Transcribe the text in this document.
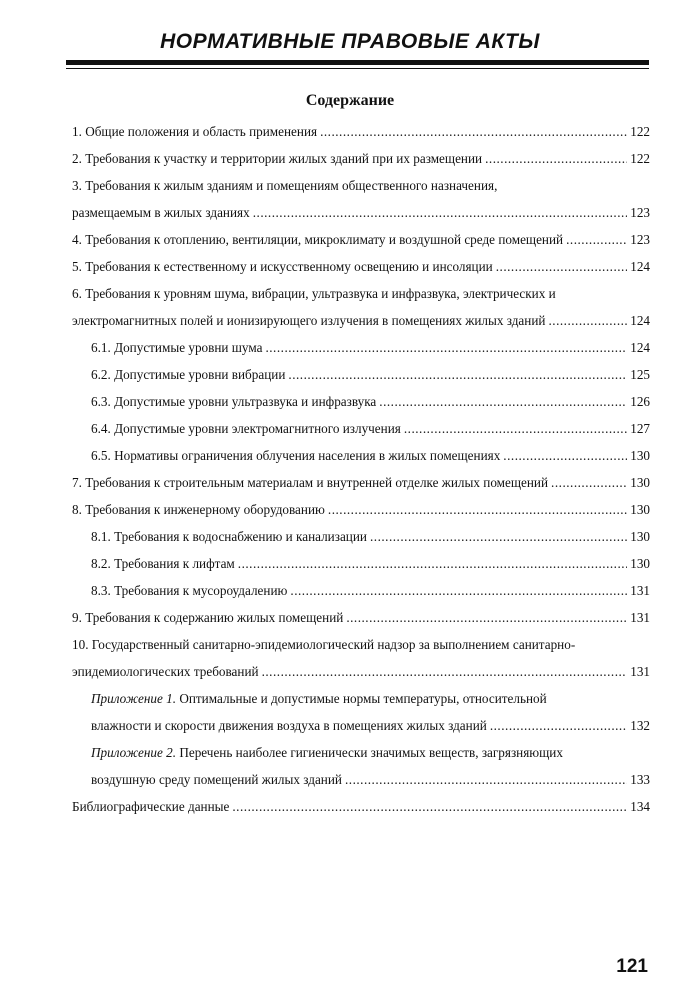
НОРМАТИВНЫЕ ПРАВОВЫЕ АКТЫ
Содержание
1. Общие положения и область применения .....	122
2. Требования к участку и территории жилых зданий при их размещении .....	122
3. Требования к жилым зданиям и помещениям общественного назначения,
размещаемым в жилых зданиях .....	123
4. Требования к отоплению, вентиляции, микроклимату и воздушной среде помещений .....	123
5. Требования к естественному и искусственному освещению и инсоляции .....	124
6. Требования к уровням шума, вибрации, ультразвука и инфразвука, электрических и
электромагнитных полей и ионизирующего излучения в помещениях жилых зданий .....	124
6.1. Допустимые уровни шума .....	124
6.2. Допустимые уровни вибрации .....	125
6.3. Допустимые уровни ультразвука и инфразвука .....	126
6.4. Допустимые уровни электромагнитного излучения .....	127
6.5. Нормативы ограничения облучения населения в жилых помещениях .....	130
7. Требования к строительным материалам и внутренней отделке жилых помещений .....	130
8. Требования к инженерному оборудованию .....	130
8.1. Требования к водоснабжению и канализации .....	130
8.2. Требования к лифтам .....	130
8.3. Требования к мусороудалению .....	131
9. Требования к содержанию жилых помещений .....	131
10. Государственный санитарно-эпидемиологический надзор за выполнением санитарно-
эпидемиологических требований .....	131
Приложение 1. Оптимальные и допустимые нормы температуры, относительной
влажности и скорости движения воздуха в помещениях жилых зданий .....	132
Приложение 2. Перечень наиболее гигиенически значимых веществ, загрязняющих
воздушную среду помещений жилых зданий .....	133
Библиографические данные .....	134
121
